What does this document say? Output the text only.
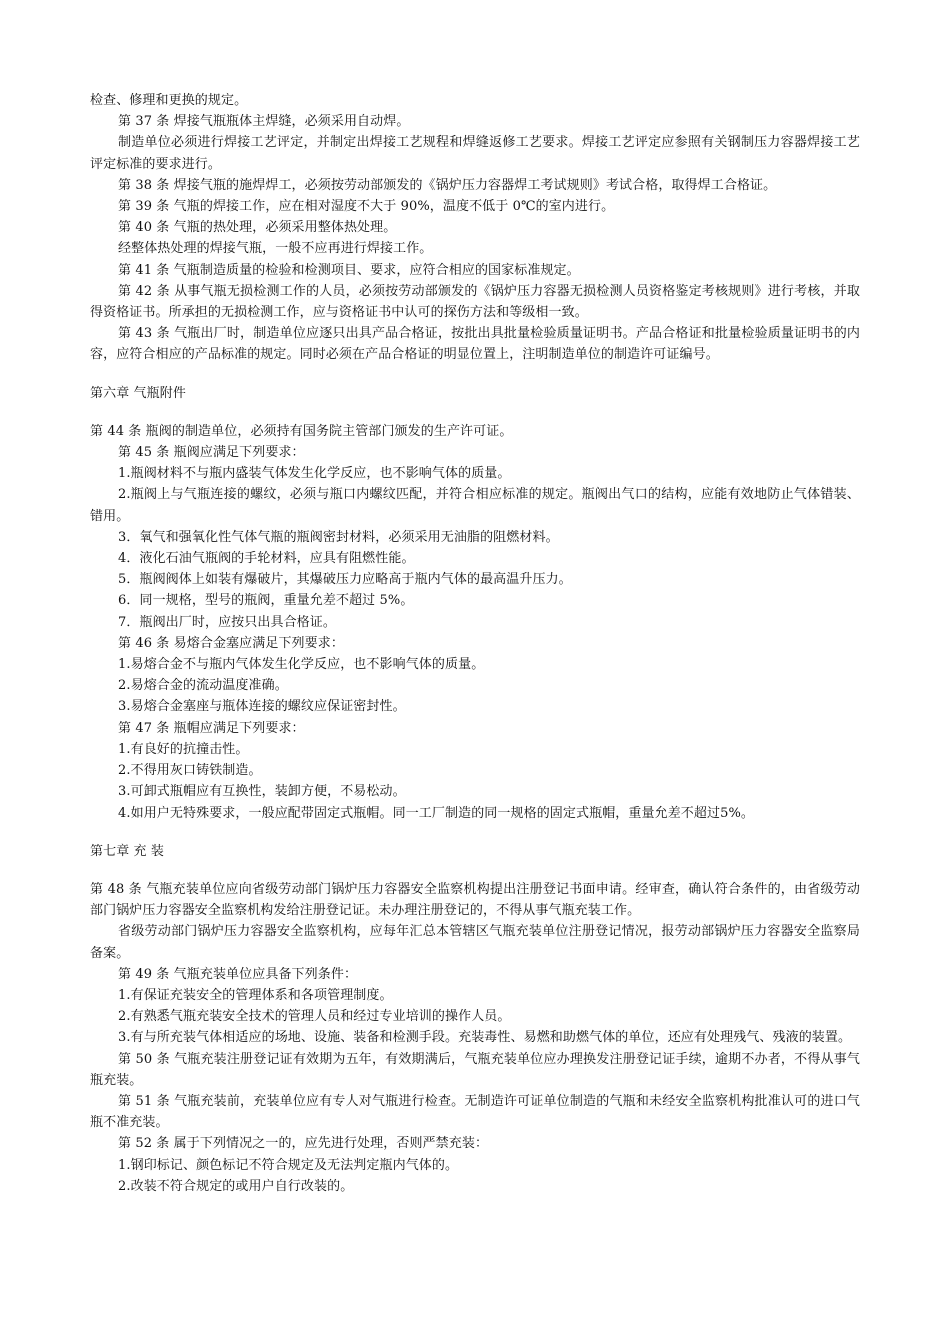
检查、修理和更换的规定。

第 37 条 焊接气瓶瓶体主焊缝，必须采用自动焊。

制造单位必须进行焊接工艺评定，并制定出焊接工艺规程和焊缝返修工艺要求。焊接工艺评定应参照有关钢制压力容器焊接工艺评定标准的要求进行。

第 38 条 焊接气瓶的施焊焊工，必须按劳动部颁发的《锅炉压力容器焊工考试规则》考试合格，取得焊工合格证。

第 39 条 气瓶的焊接工作，应在相对湿度不大于 90%，温度不低于 0℃的室内进行。

第 40 条 气瓶的热处理，必须采用整体热处理。

经整体热处理的焊接气瓶，一般不应再进行焊接工作。

第 41 条 气瓶制造质量的检验和检测项目、要求，应符合相应的国家标准规定。

第 42 条 从事气瓶无损检测工作的人员，必须按劳动部颁发的《锅炉压力容器无损检测人员资格鉴定考核规则》进行考核，并取得资格证书。所承担的无损检测工作，应与资格证书中认可的探伤方法和等级相一致。

第 43 条 气瓶出厂时，制造单位应逐只出具产品合格证，按批出具批量检验质量证明书。产品合格证和批量检验质量证明书的内容，应符合相应的产品标准的规定。同时必须在产品合格证的明显位置上，注明制造单位的制造许可证编号。

第六章 气瓶附件

第 44 条 瓶阀的制造单位，必须持有国务院主管部门颁发的生产许可证。

第 45 条 瓶阀应满足下列要求：

1.瓶阀材料不与瓶内盛装气体发生化学反应，也不影响气体的质量。

2.瓶阀上与气瓶连接的螺纹，必须与瓶口内螺纹匹配，并符合相应标准的规定。瓶阀出气口的结构，应能有效地防止气体错装、错用。

3．氧气和强氧化性气体气瓶的瓶阀密封材料，必须采用无油脂的阻燃材料。

4．液化石油气瓶阀的手轮材料，应具有阻燃性能。

5．瓶阀阀体上如装有爆破片，其爆破压力应略高于瓶内气体的最高温升压力。

6．同一规格，型号的瓶阀，重量允差不超过 5%。

7．瓶阀出厂时，应按只出具合格证。

第 46 条 易熔合金塞应满足下列要求：

1.易熔合金不与瓶内气体发生化学反应，也不影响气体的质量。

2.易熔合金的流动温度准确。

3.易熔合金塞座与瓶体连接的螺纹应保证密封性。

第 47 条 瓶帽应满足下列要求：

1.有良好的抗撞击性。

2.不得用灰口铸铁制造。

3.可卸式瓶帽应有互换性，装卸方便，不易松动。

4.如用户无特殊要求，一般应配带固定式瓶帽。同一工厂制造的同一规格的固定式瓶帽，重量允差不超过5%。

第七章 充 装

第 48 条 气瓶充装单位应向省级劳动部门锅炉压力容器安全监察机构提出注册登记书面申请。经审查，确认符合条件的，由省级劳动部门锅炉压力容器安全监察机构发给注册登记证。未办理注册登记的，不得从事气瓶充装工作。

省级劳动部门锅炉压力容器安全监察机构，应每年汇总本管辖区气瓶充装单位注册登记情况，报劳动部锅炉压力容器安全监察局备案。

第 49 条 气瓶充装单位应具备下列条件：

1.有保证充装安全的管理体系和各项管理制度。

2.有熟悉气瓶充装安全技术的管理人员和经过专业培训的操作人员。

3.有与所充装气体相适应的场地、设施、装备和检测手段。充装毒性、易燃和助燃气体的单位，还应有处理残气、残液的装置。

第 50 条 气瓶充装注册登记证有效期为五年，有效期满后，气瓶充装单位应办理换发注册登记证手续，逾期不办者，不得从事气瓶充装。

第 51 条 气瓶充装前，充装单位应有专人对气瓶进行检查。无制造许可证单位制造的气瓶和未经安全监察机构批准认可的进口气瓶不准充装。

第 52 条 属于下列情况之一的，应先进行处理，否则严禁充装：

1.钢印标记、颜色标记不符合规定及无法判定瓶内气体的。

2.改装不符合规定的或用户自行改装的。
